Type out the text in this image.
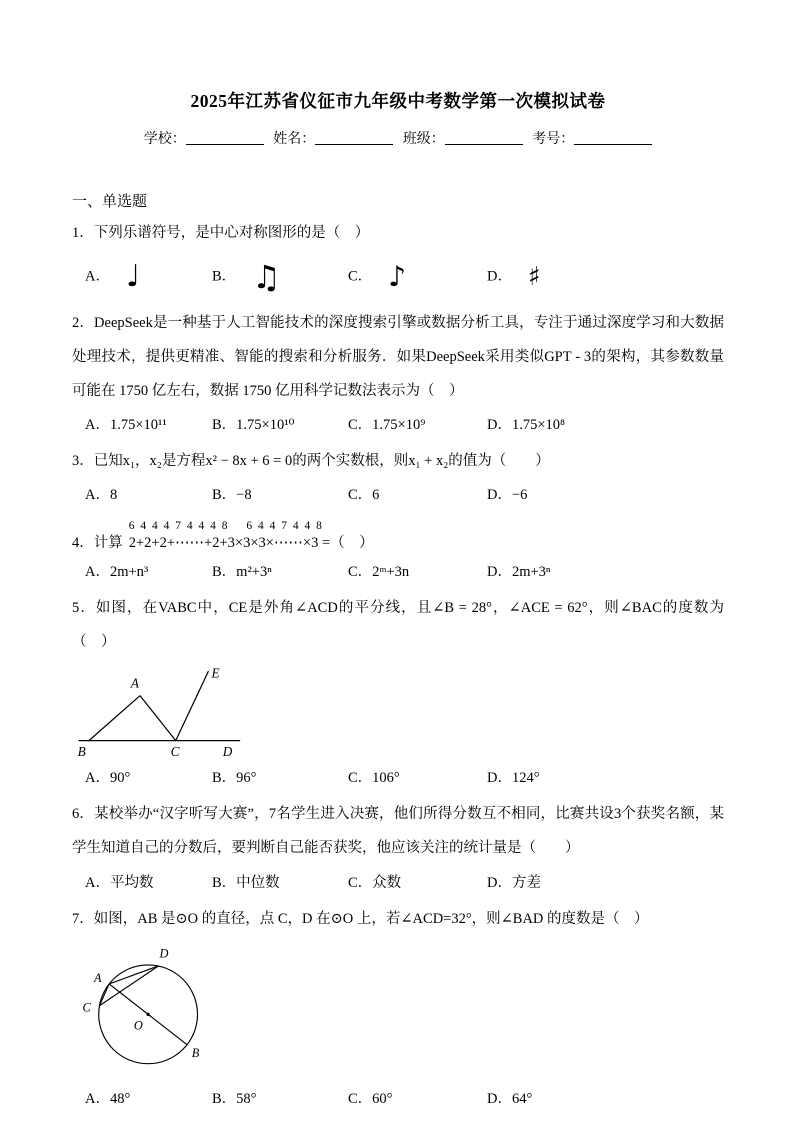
2025年江苏省仪征市九年级中考数学第一次模拟试卷
学校：	姓名：	班级：	考号：
一、单选题

1．下列乐谱符号，是中心对称图形的是（　）

A． ♩	B． ♫	C． ♪	D． ♯

2．DeepSeek是一种基于人工智能技术的深度搜索引擎或数据分析工具，专注于通过深度学习和大数据处理技术，提供更精准、智能的搜索和分析服务．如果DeepSeek采用类似GPT - 3的架构，其参数数量可能在 1750 亿左右，数据 1750 亿用科学记数法表示为（　）

A．1.75×10¹¹	B．1.75×10¹⁰	C．1.75×10⁹	D．1.75×10⁸

3．已知x₁，x₂是方程x² − 8x + 6 = 0的两个实数根，则x₁ + x₂的值为（　　）

A．8	B．−8	C．6	D．−6
4．计算
6 4 4 4 7 4 4 4 8　 6 4 4 7 4 4 8
2+2+2+⋯⋯+2+3×3×3×⋯⋯×3 =（　）
A．2m+n³	B．m²+3ⁿ	C．2ᵐ+3n	D．2m+3ⁿ

5．如图，在VABC中，CE是外角∠ACD的平分线，且∠B = 28°，∠ACE = 62°，则∠BAC的度数为（　）

A
E
B	C	D
A．90°	B．96°	C．106°	D．124°

6．某校举办“汉字听写大赛”，7名学生进入决赛，他们所得分数互不相同，比赛共设3个获奖名额，某学生知道自己的分数后，要判断自己能否获奖，他应该关注的统计量是（　　）

A．平均数	B．中位数	C．众数	D．方差

7．如图，AB 是⊙O 的直径，点 C，D 在⊙O 上，若∠ACD=32°，则∠BAD 的度数是（　）

A
C
D
O
B
A．48°	B．58°	C．60°	D．64°
